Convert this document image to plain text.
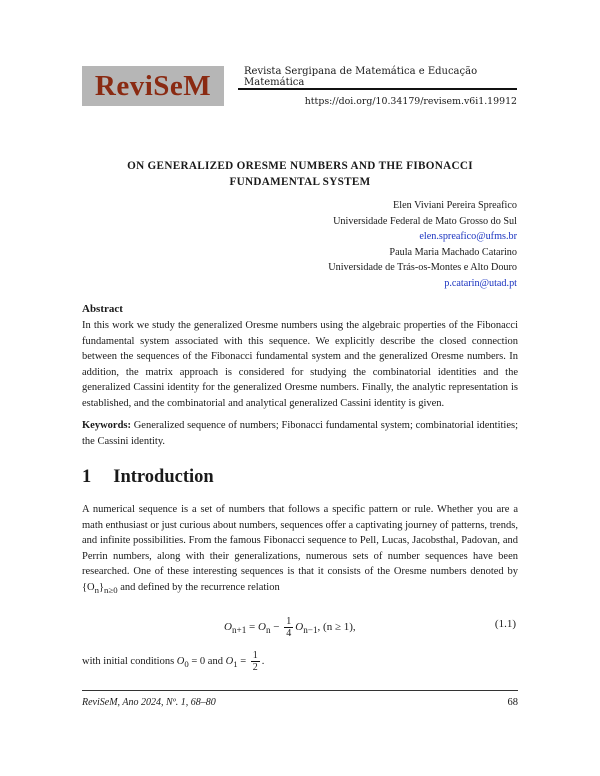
ReviSeM	Revista Sergipana de Matemática e Educação Matemática
https://doi.org/10.34179/revisem.v6i1.19912
ON GENERALIZED ORESME NUMBERS AND THE FIBONACCI
FUNDAMENTAL SYSTEM
Elen Viviani Pereira Spreafico
Universidade Federal de Mato Grosso do Sul
elen.spreafico@ufms.br
Paula Maria Machado Catarino
Universidade de Trás-os-Montes e Alto Douro
p.catarin@utad.pt
Abstract
In this work we study the generalized Oresme numbers using the algebraic properties of the Fibonacci fundamental system associated with this sequence. We explicitly describe the closed connection between the sequences of the Fibonacci fundamental system and the generalized Oresme numbers. In addition, the matrix approach is considered for studying the combinatorial identities and the generalized Cassini identity for the generalized Oresme numbers. Finally, the analytic representation is established, and the combinatorial and analytical generalized Cassini identity is given.
Keywords: Generalized sequence of numbers; Fibonacci fundamental system; combinatorial identities; the Cassini identity.
1 Introduction
A numerical sequence is a set of numbers that follows a specific pattern or rule. Whether you are a math enthusiast or just curious about numbers, sequences offer a captivating journey of patterns, trends, and infinite possibilities. From the famous Fibonacci sequence to Pell, Lucas, Jacobsthal, Padovan, and Perrin numbers, along with their generalizations, numerous sets of number sequences have been researched. One of these interesting sequences is that it consists of the Oresme numbers denoted by $\{O_n\}_{n\ge 0}$ and defined by the recurrence relation
$O_{n+1} = O_n - \frac{1}{4} O_{n-1}$, (n ≥ 1),	(1.1)
with initial conditions $O_0 = 0$ and $O_1 = \frac{1}{2}$ .
ReviSeM, Ano 2024, Nº. 1, 68–80	68
